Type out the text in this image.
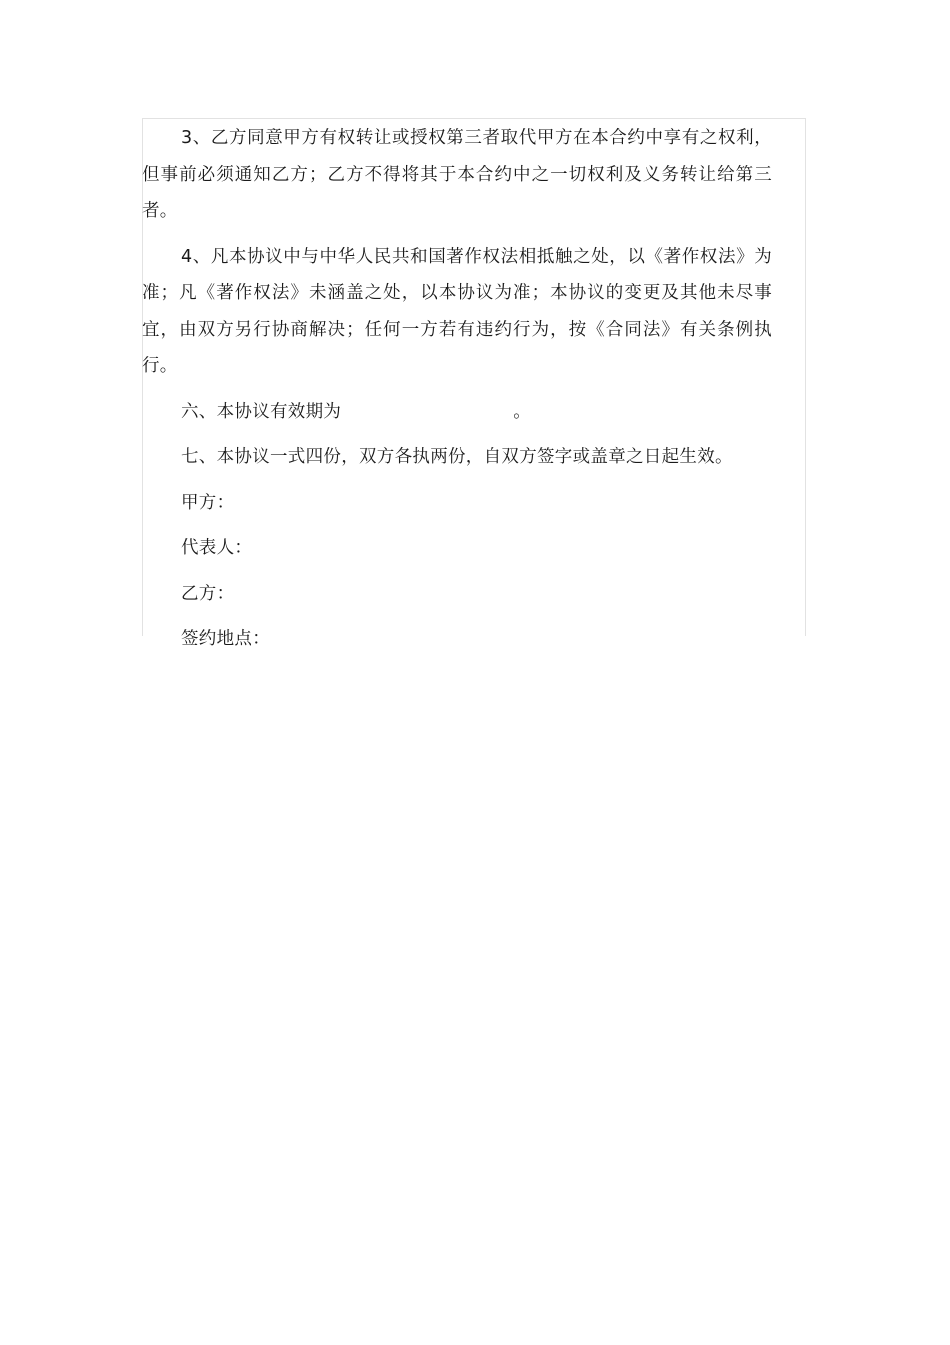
3、乙方同意甲方有权转让或授权第三者取代甲方在本合约中享有之权利，但事前必须通知乙方；乙方不得将其于本合约中之一切权利及义务转让给第三者。

4、凡本协议中与中华人民共和国著作权法相抵触之处，以《著作权法》为准；凡《著作权法》未涵盖之处，以本协议为准；本协议的变更及其他未尽事宜，由双方另行协商解决；任何一方若有违约行为，按《合同法》有关条例执行。

六、本协议有效期为	。
七、本协议一式四份，双方各执两份，自双方签字或盖章之日起生效。
甲方：
代表人：
乙方：
签约地点：
